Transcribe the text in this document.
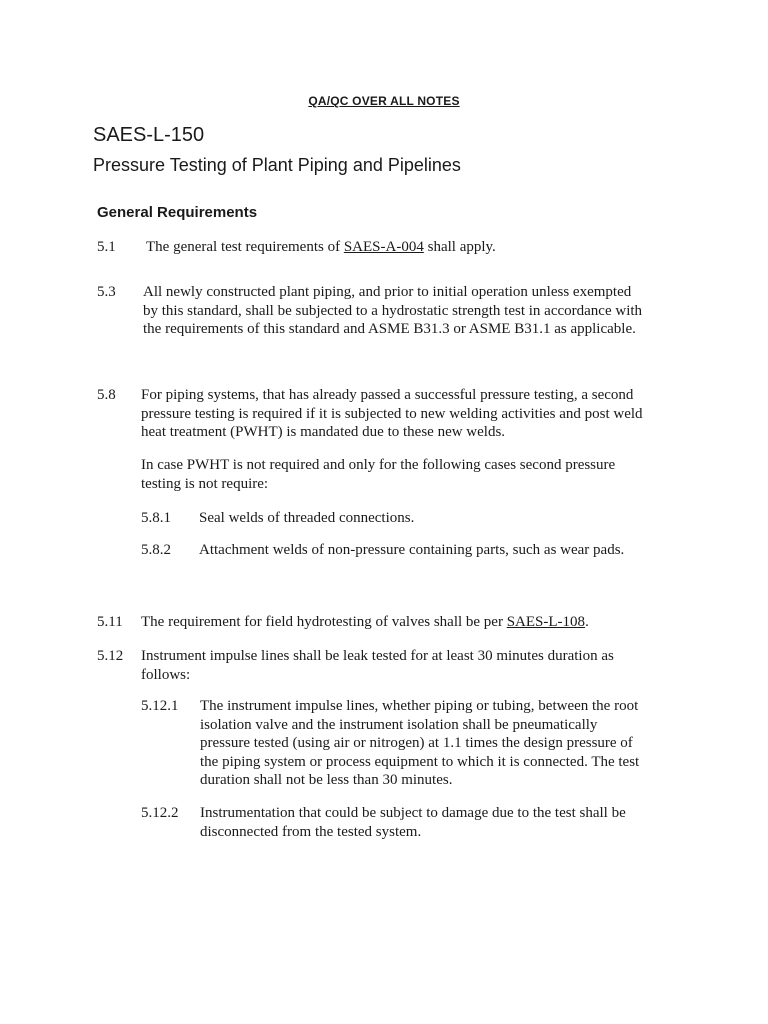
QA/QC OVER ALL NOTES
SAES-L-150
Pressure Testing of Plant Piping and Pipelines
General Requirements
5.1 The general test requirements of SAES-A-004 shall apply.

5.3 All newly constructed plant piping, and prior to initial operation unless exempted by this standard, shall be subjected to a hydrostatic strength test in accordance with the requirements of this standard and ASME B31.3 or ASME B31.1 as applicable.

5.8 For piping systems, that has already passed a successful pressure testing, a second pressure testing is required if it is subjected to new welding activities and post weld heat treatment (PWHT) is mandated due to these new welds.

In case PWHT is not required and only for the following cases second pressure testing is not require:

5.8.1 Seal welds of threaded connections.

5.8.2 Attachment welds of non-pressure containing parts, such as wear pads.

5.11 The requirement for field hydrotesting of valves shall be per SAES-L-108.

5.12 Instrument impulse lines shall be leak tested for at least 30 minutes duration as follows:

5.12.1 The instrument impulse lines, whether piping or tubing, between the root isolation valve and the instrument isolation shall be pneumatically pressure tested (using air or nitrogen) at 1.1 times the design pressure of the piping system or process equipment to which it is connected. The test duration shall not be less than 30 minutes.

5.12.2 Instrumentation that could be subject to damage due to the test shall be disconnected from the tested system.
